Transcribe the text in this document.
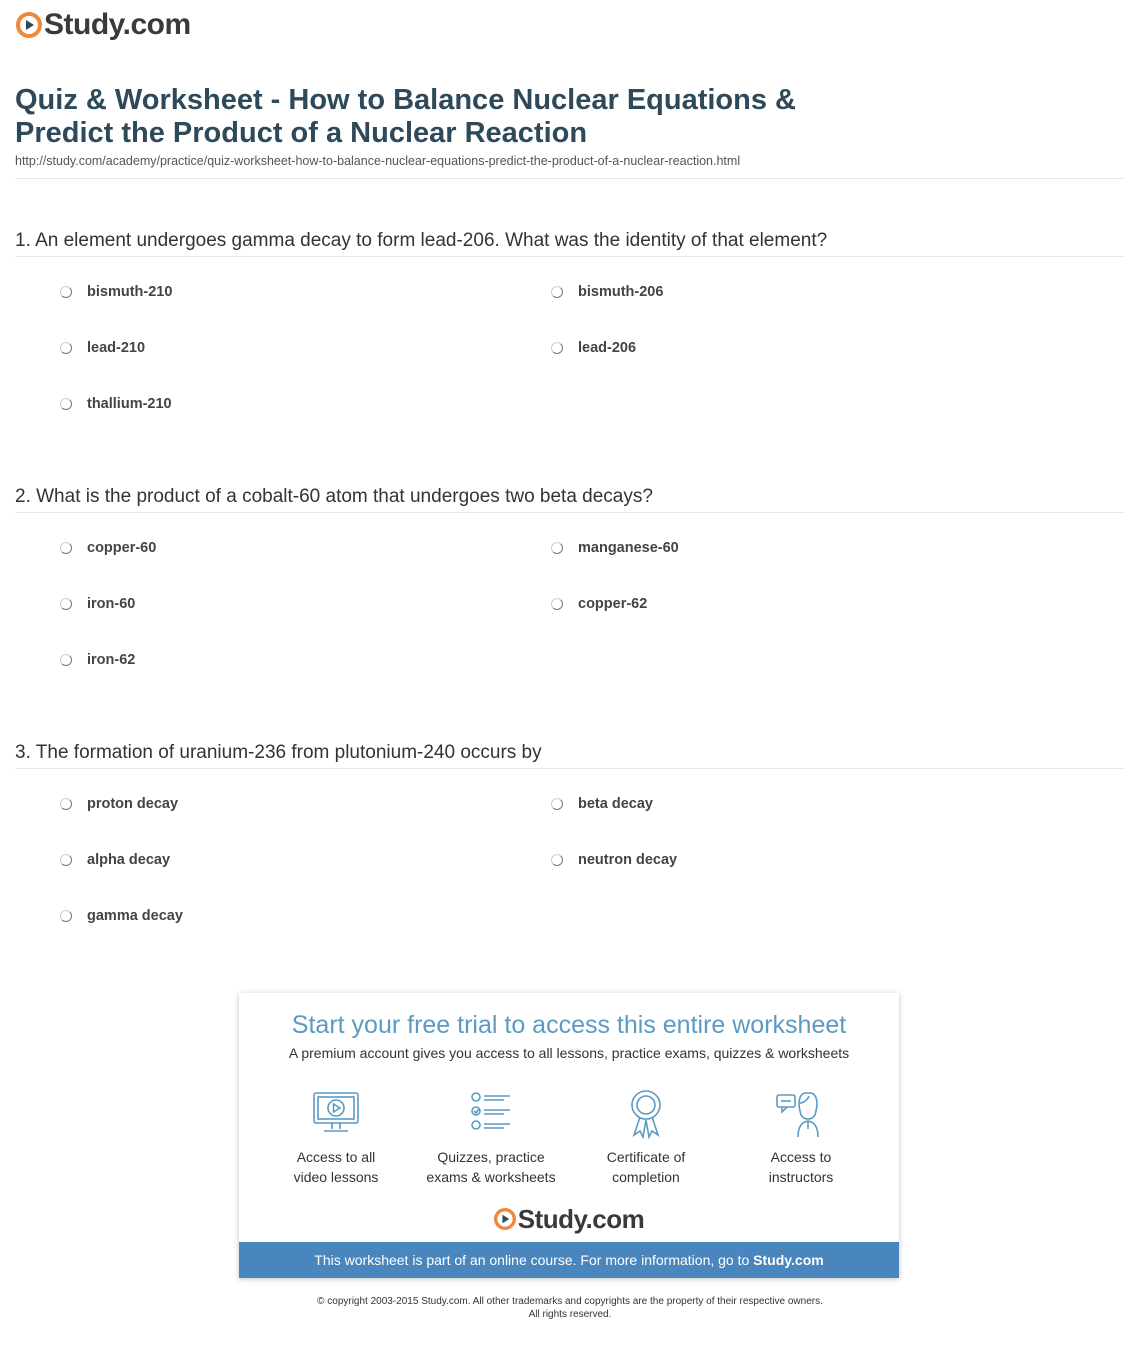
Study.com
Quiz & Worksheet - How to Balance Nuclear Equations &
Predict the Product of a Nuclear Reaction
http://study.com/academy/practice/quiz-worksheet-how-to-balance-nuclear-equations-predict-the-product-of-a-nuclear-reaction.html
1. An element undergoes gamma decay to form lead-206. What was the identity of that element?
bismuth-210	bismuth-206
lead-210	lead-206
thallium-210
2. What is the product of a cobalt-60 atom that undergoes two beta decays?
copper-60	manganese-60
iron-60	copper-62
iron-62
3. The formation of uranium-236 from plutonium-240 occurs by
proton decay	beta decay
alpha decay	neutron decay
gamma decay
Start your free trial to access this entire worksheet
A premium account gives you access to all lessons, practice exams, quizzes & worksheets
Access to all
video lessons
Quizzes, practice
exams & worksheets
Certificate of
completion
Access to
instructors
Study.com
This worksheet is part of an online course. For more information, go to Study.com
© copyright 2003-2015 Study.com. All other trademarks and copyrights are the property of their respective owners.
All rights reserved.
